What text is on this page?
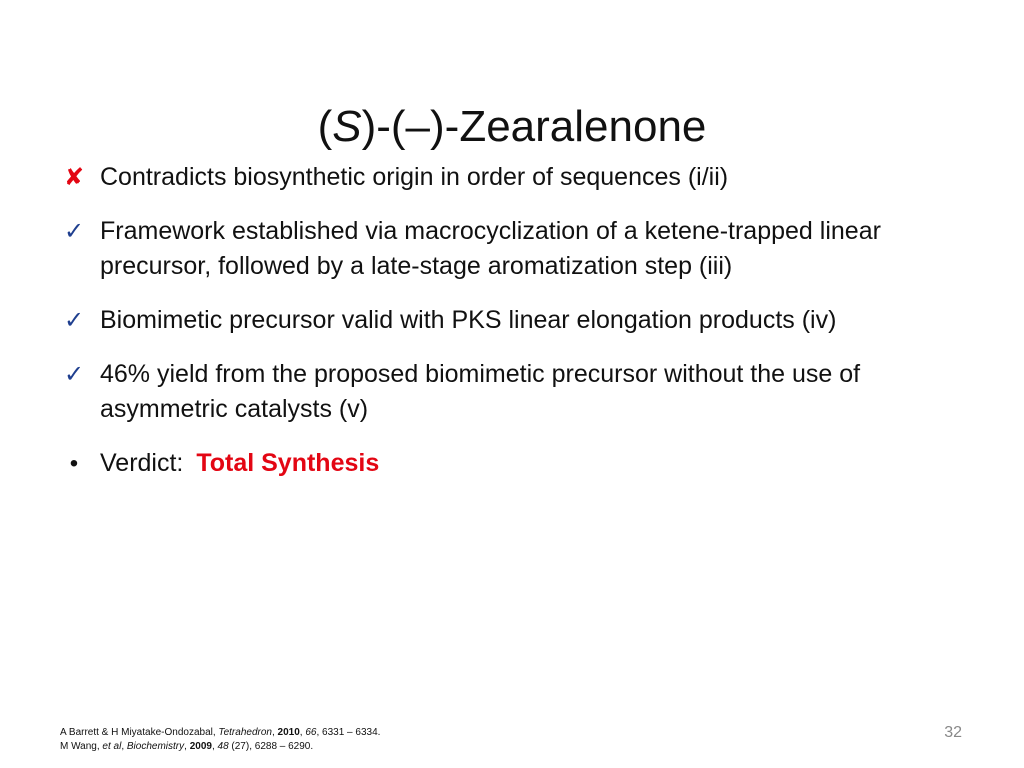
(S)-(–)-Zearalenone
✘ Contradicts biosynthetic origin in order of sequences (i/ii)
✓ Framework established via macrocyclization of a ketene-trapped linear precursor, followed by a late-stage aromatization step (iii)
✓ Biomimetic precursor valid with PKS linear elongation products (iv)
✓ 46% yield from the proposed biomimetic precursor without the use of asymmetric catalysts (v)
• Verdict: Total Synthesis
A Barrett & H Miyatake-Ondozabal, Tetrahedron, 2010, 66, 6331 – 6334.
M Wang, et al, Biochemistry, 2009, 48 (27), 6288 – 6290.
32
